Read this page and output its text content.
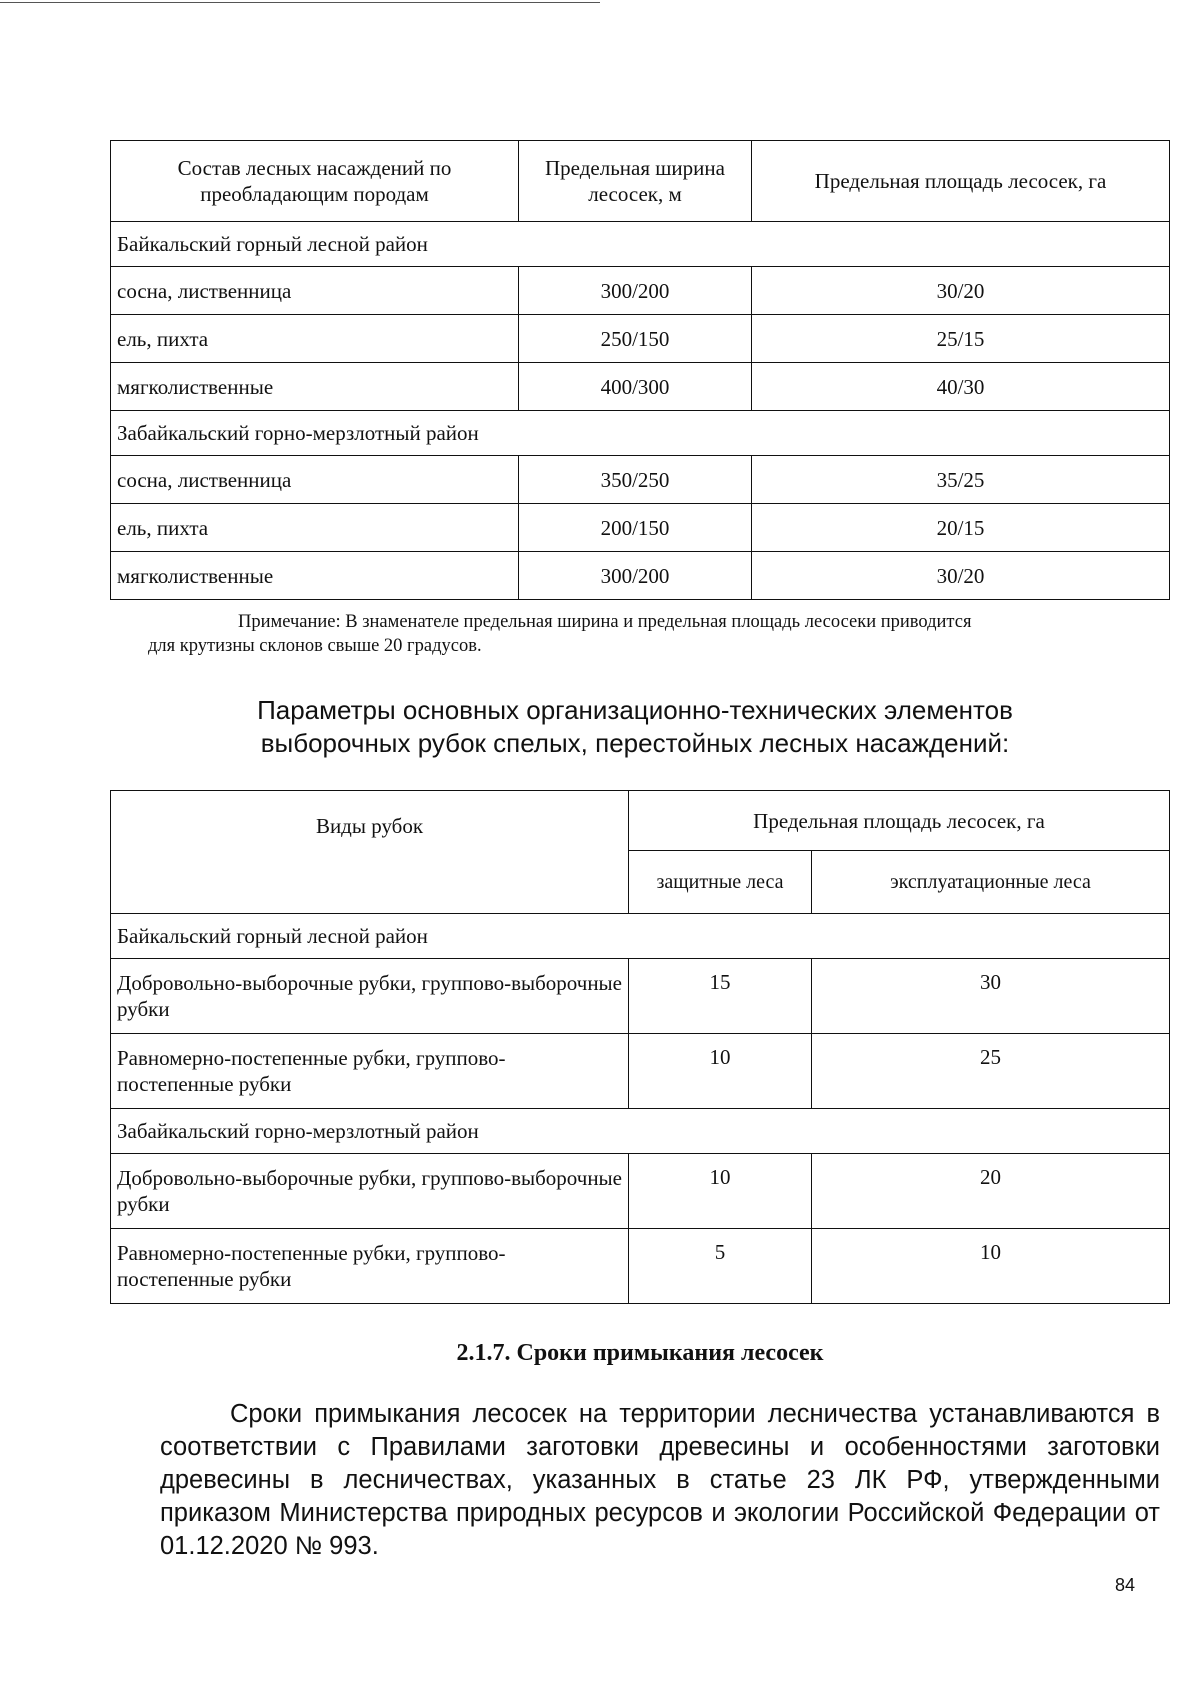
Состав лесных насаждений по преобладающим породам	Предельная ширина лесосек, м	Предельная площадь лесосек, га
Байкальский горный лесной район		
сосна, лиственница	300/200	30/20
ель, пихта	250/150	25/15
мягколиственные	400/300	40/30
Забайкальский горно-мерзлотный район		
сосна, лиственница	350/250	35/25
ель, пихта	200/150	20/15
мягколиственные	300/200	30/20
Примечание: В знаменателе предельная ширина и предельная площадь лесосеки приводится
для крутизны склонов свыше 20 градусов.
Параметры основных организационно-технических элементов
выборочных рубок спелых, перестойных лесных насаждений:
Виды рубок	Предельная площадь лесосек, га	
	защитные леса	эксплуатационные леса
Байкальский горный лесной район		
Добровольно-выборочные рубки, группово-выборочные рубки	15	30
Равномерно-постепенные рубки, группово-постепенные рубки	10	25
Забайкальский горно-мерзлотный район		
Добровольно-выборочные рубки, группово-выборочные рубки	10	20
Равномерно-постепенные рубки, группово-постепенные рубки	5	10
2.1.7. Сроки примыкания лесосек
Сроки примыкания лесосек на территории лесничества устанавливаются в соответствии с Правилами заготовки древесины и особенностями заготовки древесины в лесничествах, указанных в статье 23 ЛК РФ, утвержденными приказом Министерства природных ресурсов и экологии Российской Федерации от 01.12.2020 № 993.
84
